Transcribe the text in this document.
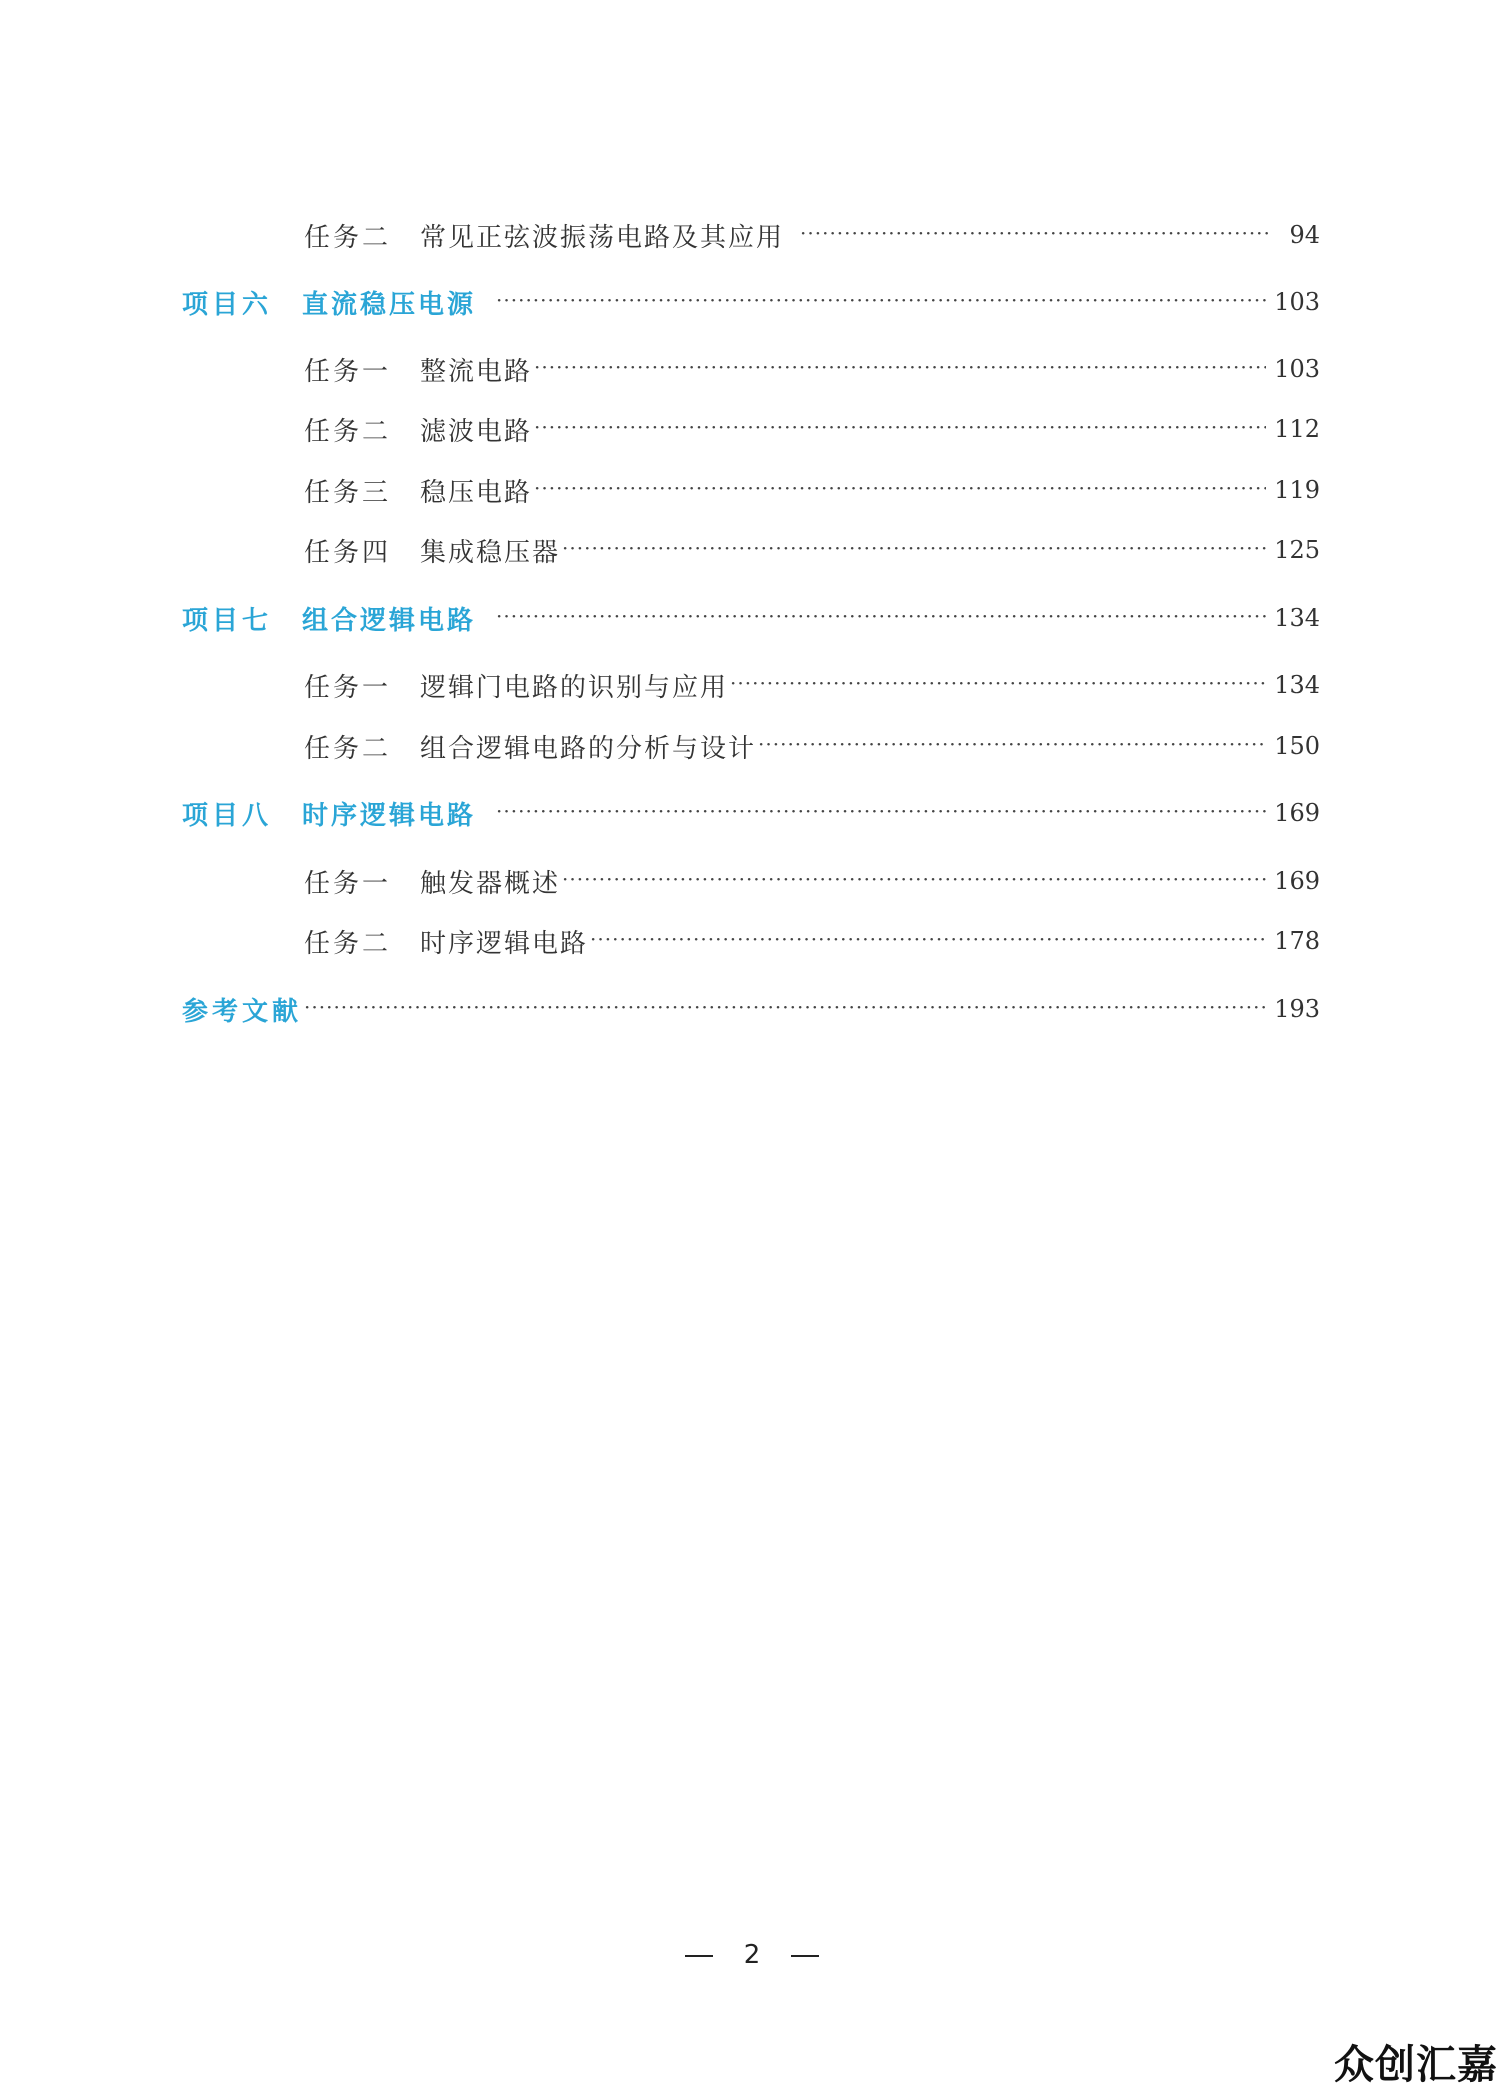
任务二	常见正弦波振荡电路及其应用 ·····	94
项目六	直流稳压电源 ·····	103
任务一	整流电路 ·····	103
任务二	滤波电路 ·····	112
任务三	稳压电路 ·····	119
任务四	集成稳压器 ·····	125
项目七	组合逻辑电路 ·····	134
任务一	逻辑门电路的识别与应用 ·····	134
任务二	组合逻辑电路的分析与设计 ·····	150
项目八	时序逻辑电路 ·····	169
任务一	触发器概述 ·····	169
任务二	时序逻辑电路 ·····	178
参考文献 ·····	193
2
众创汇嘉
